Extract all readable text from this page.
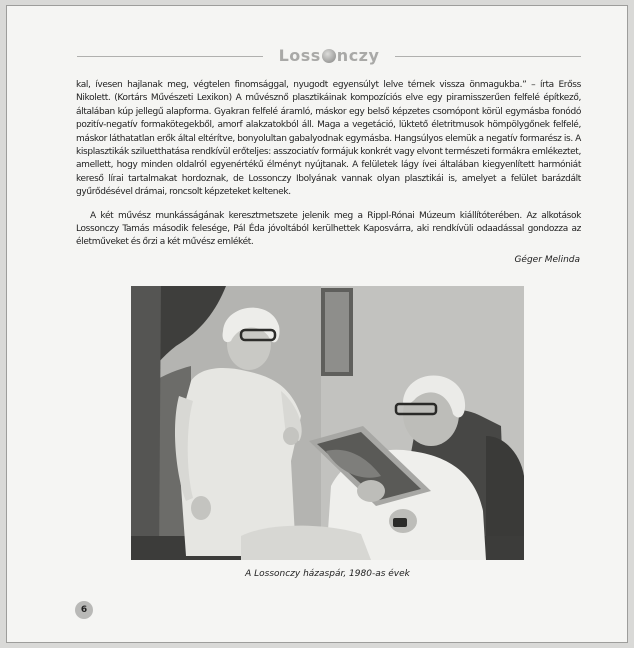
Loss nczy

kal, ívesen hajlanak meg, végtelen finomsággal, nyugodt egyensúlyt lelve térnek vissza önmagukba.” – írta Erőss Nikolett. (Kortárs Művészeti Lexikon) A művésznő plasztikáinak kompozíciós elve egy piramisszerűen felfelé építkező, általában kúp jellegű alapforma. Gyakran felfelé áramló, máskor egy belső képzetes csomópont körül egymásba fonódó pozitív-negatív formakötegekből, amorf alakzatokból áll. Maga a vegetáció, lüktető életritmusok hömpölygőnek felfelé, máskor láthatatlan erők által eltérítve, bonyolultan gabalyodnak egymásba. Hangsúlyos elemük a negatív formarész is. A kisplasztikák sziluetthatása rendkívül erőteljes: asszociatív formájuk konkrét vagy elvont természeti formákra emlékeztet, amellett, hogy minden oldalról egyenértékű élményt nyújtanak. A felületek lágy ívei általában kiegyenlített harmóniát kereső lírai tartalmakat hordoznak, de Lossonczy Ibolyának vannak olyan plasztikái is, amelyet a felület barázdált gyűrődésével drámai, roncsolt képzeteket keltenek.

A két művész munkásságának keresztmetszete jelenik meg a Rippl-Rónai Múzeum kiállítóterében. Az alkotások Lossonczy Tamás második felesége, Pál Éda jóvoltából kerülhettek Kaposvárra, aki rendkívüli odaadással gondozza az életműveket és őrzi a két művész emlékét.

Géger Melinda
A Lossonczy házaspár, 1980-as évek
6
